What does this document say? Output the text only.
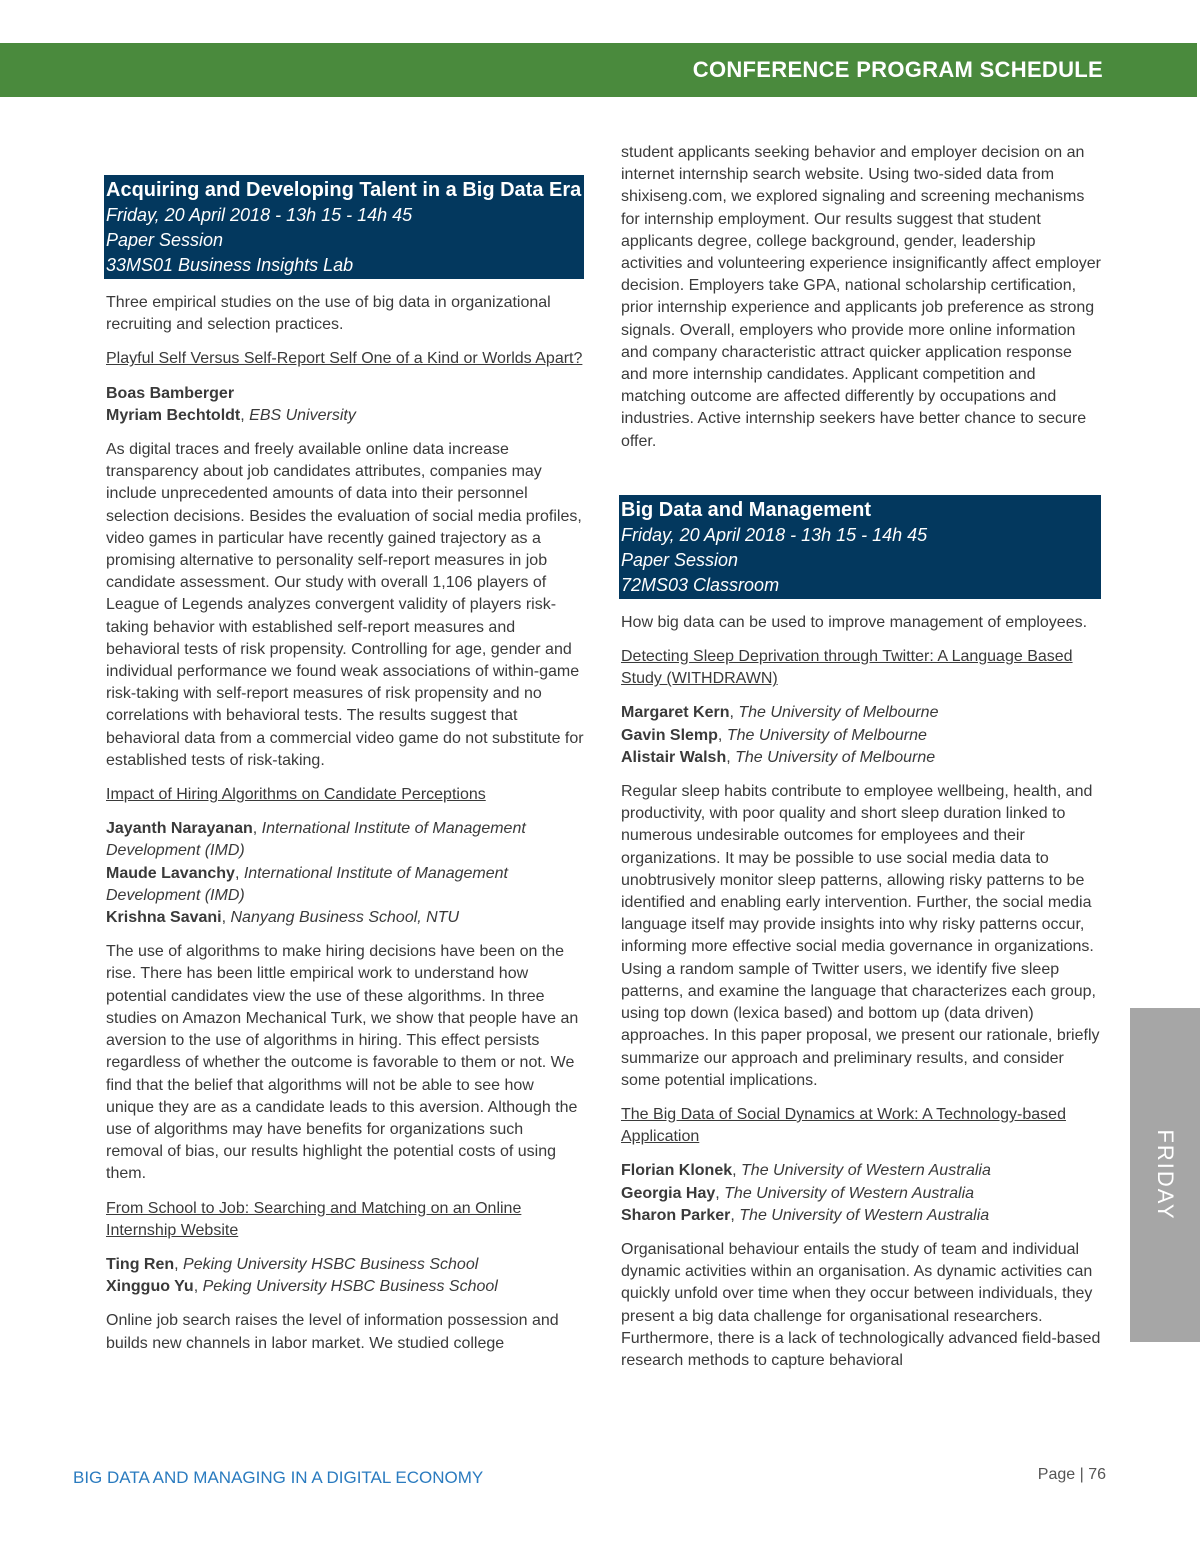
CONFERENCE PROGRAM SCHEDULE
Acquiring and Developing Talent in a Big Data Era
Friday, 20 April 2018 - 13h 15 - 14h 45
Paper Session
33MS01 Business Insights Lab

Three empirical studies on the use of big data in organizational recruiting and selection practices.

Playful Self Versus Self-Report Self One of a Kind or Worlds Apart?
Boas Bamberger
Myriam Bechtoldt, EBS University

As digital traces and freely available online data increase transparency about job candidates attributes, companies may include unprecedented amounts of data into their personnel selection decisions. Besides the evaluation of social media profiles, video games in particular have recently gained trajectory as a promising alternative to personality self-report measures in job candidate assessment. Our study with overall 1,106 players of League of Legends analyzes convergent validity of players risk-taking behavior with established self-report measures and behavioral tests of risk propensity. Controlling for age, gender and individual performance we found weak associations of within-game risk-taking with self-report measures of risk propensity and no correlations with behavioral tests. The results suggest that behavioral data from a commercial video game do not substitute for established tests of risk-taking.

Impact of Hiring Algorithms on Candidate Perceptions
Jayanth Narayanan, International Institute of Management Development (IMD)
Maude Lavanchy, International Institute of Management Development (IMD)
Krishna Savani, Nanyang Business School, NTU

The use of algorithms to make hiring decisions have been on the rise. There has been little empirical work to understand how potential candidates view the use of these algorithms. In three studies on Amazon Mechanical Turk, we show that people have an aversion to the use of algorithms in hiring. This effect persists regardless of whether the outcome is favorable to them or not. We find that the belief that algorithms will not be able to see how unique they are as a candidate leads to this aversion. Although the use of algorithms may have benefits for organizations such removal of bias, our results highlight the potential costs of using them.

From School to Job: Searching and Matching on an Online Internship Website
Ting Ren, Peking University HSBC Business School
Xingguo Yu, Peking University HSBC Business School

Online job search raises the level of information possession and builds new channels in labor market. We studied college

student applicants seeking behavior and employer decision on an internet internship search website. Using two-sided data from shixiseng.com, we explored signaling and screening mechanisms for internship employment. Our results suggest that student applicants degree, college background, gender, leadership activities and volunteering experience insignificantly affect employer decision. Employers take GPA, national scholarship certification, prior internship experience and applicants job preference as strong signals. Overall, employers who provide more online information and company characteristic attract quicker application response and more internship candidates. Applicant competition and matching outcome are affected differently by occupations and industries. Active internship seekers have better chance to secure offer.

Big Data and Management
Friday, 20 April 2018 - 13h 15 - 14h 45
Paper Session
72MS03 Classroom

How big data can be used to improve management of employees.

Detecting Sleep Deprivation through Twitter: A Language Based Study (WITHDRAWN)
Margaret Kern, The University of Melbourne
Gavin Slemp, The University of Melbourne
Alistair Walsh, The University of Melbourne

Regular sleep habits contribute to employee wellbeing, health, and productivity, with poor quality and short sleep duration linked to numerous undesirable outcomes for employees and their organizations. It may be possible to use social media data to unobtrusively monitor sleep patterns, allowing risky patterns to be identified and enabling early intervention. Further, the social media language itself may provide insights into why risky patterns occur, informing more effective social media governance in organizations. Using a random sample of Twitter users, we identify five sleep patterns, and examine the language that characterizes each group, using top down (lexica based) and bottom up (data driven) approaches. In this paper proposal, we present our rationale, briefly summarize our approach and preliminary results, and consider some potential implications.

The Big Data of Social Dynamics at Work: A Technology-based Application
Florian Klonek, The University of Western Australia
Georgia Hay, The University of Western Australia
Sharon Parker, The University of Western Australia

Organisational behaviour entails the study of team and individual dynamic activities within an organisation. As dynamic activities can quickly unfold over time when they occur between individuals, they present a big data challenge for organisational researchers. Furthermore, there is a lack of technologically advanced field-based research methods to capture behavioral

FRIDAY
BIG DATA AND MANAGING IN A DIGITAL ECONOMY	Page | 76
